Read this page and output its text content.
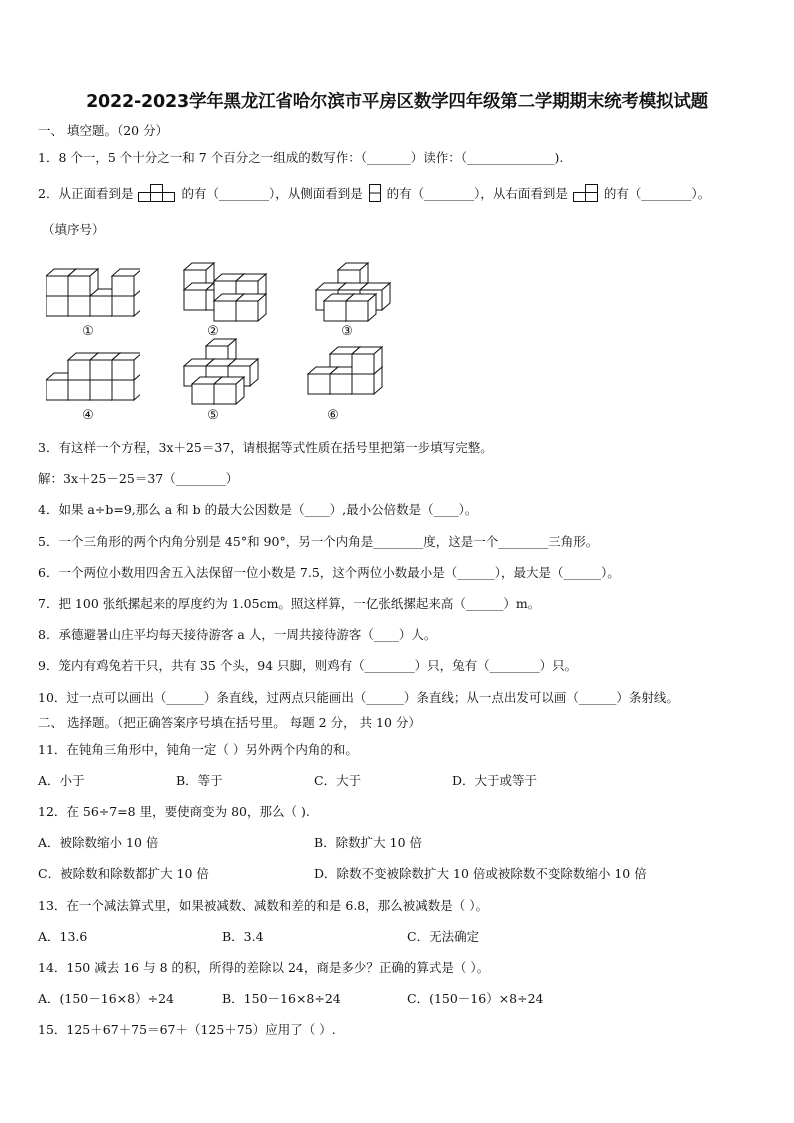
2022-2023学年黑龙江省哈尔滨市平房区数学四年级第二学期期末统考模拟试题
一、 填空题。（20 分）
1．8 个一，5 个十分之一和 7 个百分之一组成的数写作：（_______）读作：（______________).
2．从正面看到是	的有（________），从侧面看到是 的有（________），从右面看到是	的有（________）。
（填序号）
①	②	③
④	⑤	⑥
3．有这样一个方程，3x＋25＝37，请根据等式性质在括号里把第一步填写完整。
解：3x＋25－25＝37（________）
4．如果 a÷b=9,那么 a 和 b 的最大公因数是（____）,最小公倍数是（____）。
5．一个三角形的两个内角分别是 45°和 90°，另一个内角是________度，这是一个________三角形。
6．一个两位小数用四舍五入法保留一位小数是 7.5，这个两位小数最小是（______），最大是（______）。
7．把 100 张纸摞起来的厚度约为 1.05cm。照这样算，一亿张纸摞起来高（______）m。
8．承德避暑山庄平均每天接待游客 a 人，一周共接待游客（____）人。
9．笼内有鸡兔若干只，共有 35 个头，94 只脚，则鸡有（________）只，兔有（________）只。
10．过一点可以画出（______）条直线，过两点只能画出（______）条直线；从一点出发可以画（______）条射线。
二、 选择题。（把正确答案序号填在括号里。 每题 2 分， 共 10 分）
11．在钝角三角形中，钝角一定（ ）另外两个内角的和。
A．小于	B．等于	C．大于	D．大于或等于
12．在 56÷7=8 里，要使商变为 80，那么（ ).
A．被除数缩小 10 倍	B．除数扩大 10 倍
C．被除数和除数都扩大 10 倍	D．除数不变被除数扩大 10 倍或被除数不变除数缩小 10 倍
13．在一个减法算式里，如果被减数、减数和差的和是 6.8，那么被减数是（ ）。
A．13.6	B．3.4	C．无法确定
14．150 减去 16 与 8 的积，所得的差除以 24，商是多少？正确的算式是（ ）。
A．(150－16×8）÷24	B．150－16×8÷24	C．(150－16）×8÷24
15．125＋67＋75＝67＋（125＋75）应用了（ ）.
